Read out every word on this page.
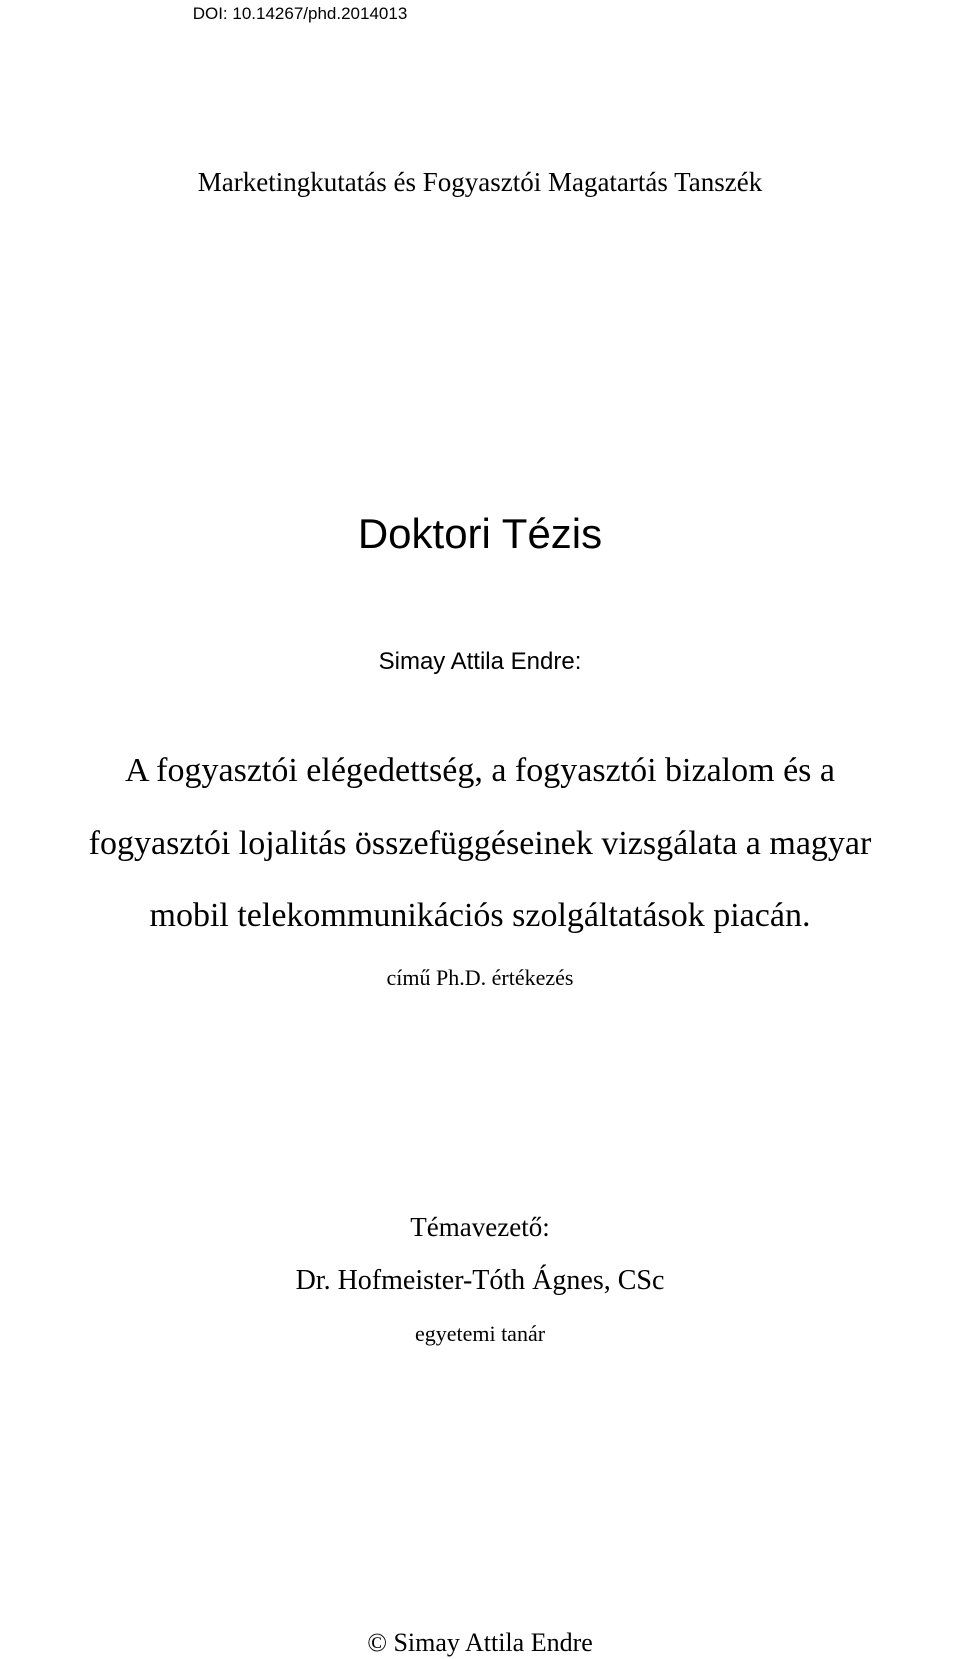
DOI: 10.14267/phd.2014013
Marketingkutatás és Fogyasztói Magatartás Tanszék
Doktori Tézis
Simay Attila Endre:
A fogyasztói elégedettség, a fogyasztói bizalom és a
fogyasztói lojalitás összefüggéseinek vizsgálata a magyar
mobil telekommunikációs szolgáltatások piacán.
című Ph.D. értékezés
Témavezető:
Dr. Hofmeister-Tóth Ágnes, CSc
egyetemi tanár
© Simay Attila Endre
